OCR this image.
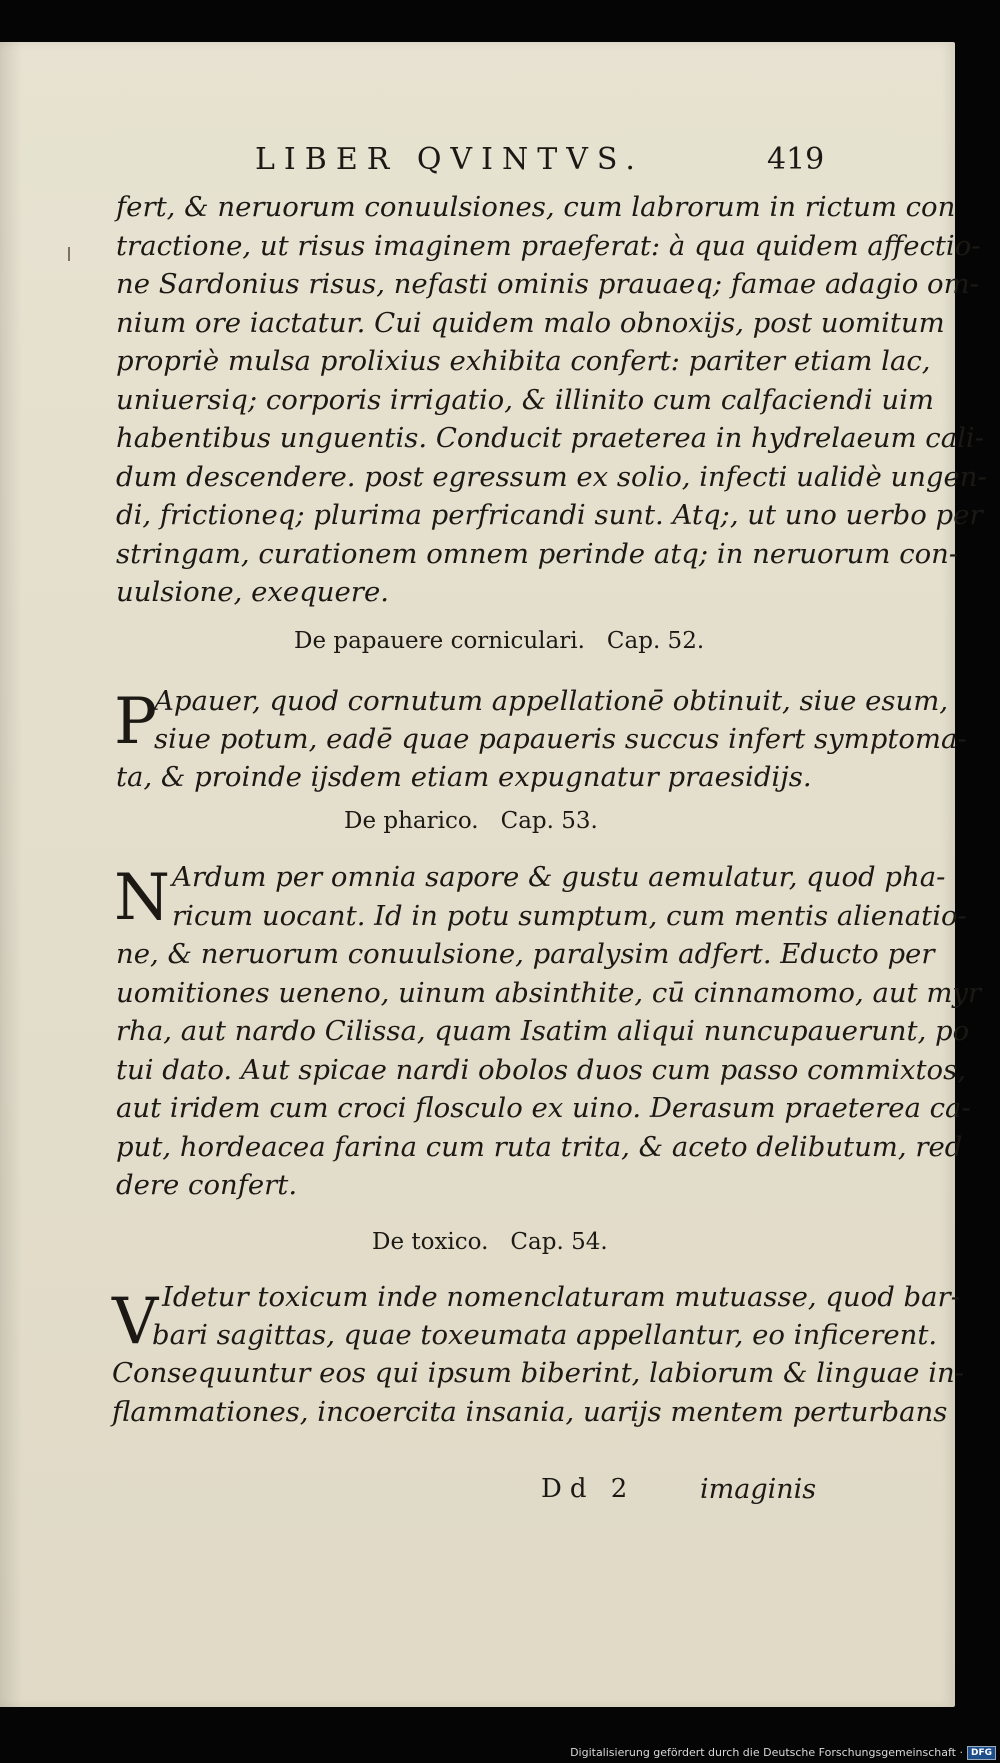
LIBER QVINTVS.	419
fert, & neruorum conuulsiones, cum labrorum in rictum con
tractione, ut risus imaginem praeferat: à qua quidem affectio-
ne Sardonius risus, nefasti ominis prauaeq; famae adagio om-
nium ore iactatur. Cui quidem malo obnoxijs, post uomitum
propriè mulsa prolixius exhibita confert: pariter etiam lac,
uniuersiq; corporis irrigatio, & illinito cum calfaciendi uim
habentibus unguentis. Conducit praeterea in hydrelaeum cali-
dum descendere. post egressum ex solio, infecti ualidè ungen-
di, frictioneq; plurima perfricandi sunt. Atq;, ut uno uerbo per
stringam, curationem omnem perinde atq; in neruorum con-
uulsione, exequere.
De papauere corniculari. Cap. 52.
P
Apauer, quod cornutum appellationē obtinuit, siue esum,
siue potum, eadē quae papaueris succus infert symptoma-
ta, & proinde ijsdem etiam expugnatur praesidijs.
De pharico. Cap. 53.
N Ardum per omnia sapore & gustu aemulatur, quod pha-
ricum uocant. Id in potu sumptum, cum mentis alienatio-
ne, & neruorum conuulsione, paralysim adfert. Educto per
uomitiones ueneno, uinum absinthite, cū cinnamomo, aut myr
rha, aut nardo Cilissa, quam Isatim aliqui nuncupauerunt, po
tui dato. Aut spicae nardi obolos duos cum passo commixtos,
aut iridem cum croci flosculo ex uino. Derasum praeterea ca-
put, hordeacea farina cum ruta trita, & aceto delibutum, red
dere confert.
De toxico. Cap. 54.
V Idetur toxicum inde nomenclaturam mutuasse, quod bar-
bari sagittas, quae toxeumata appellantur, eo inficerent.
Consequuntur eos qui ipsum biberint, labiorum & linguae in-
flammationes, incoercita insania, uarijs mentem perturbans
Dd 2 imaginis
Digitalisierung gefördert durch die Deutsche Forschungsgemeinschaft · DFG
